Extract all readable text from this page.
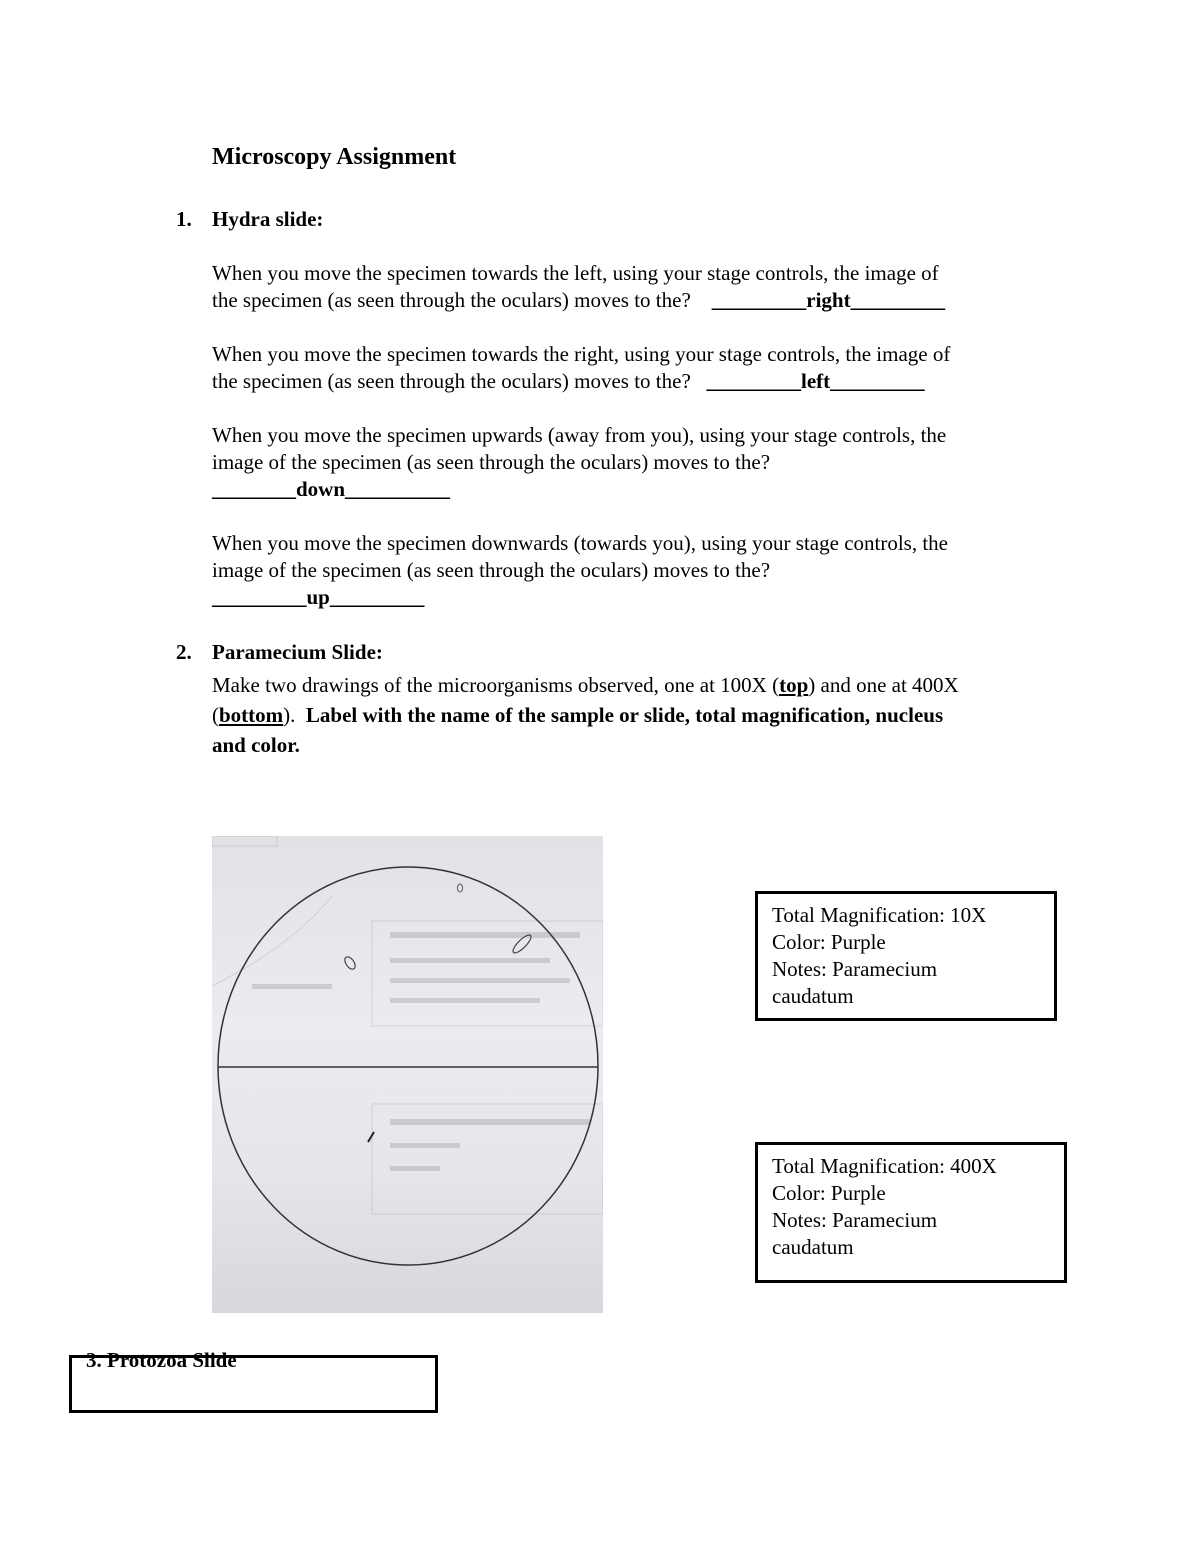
Microscopy Assignment
1. Hydra slide:
When you move the specimen towards the left, using your stage controls, the image of
the specimen (as seen through the oculars) moves to the? _________right_________
When you move the specimen towards the right, using your stage controls, the image of
the specimen (as seen through the oculars) moves to the? _________left_________
When you move the specimen upwards (away from you), using your stage controls, the
image of the specimen (as seen through the oculars) moves to the?
________down__________
When you move the specimen downwards (towards you), using your stage controls, the
image of the specimen (as seen through the oculars) moves to the?
_________up_________
2. Paramecium Slide:
Make two drawings of the microorganisms observed, one at 100X (top) and one at 400X
(bottom). Label with the name of the sample or slide, total magnification, nucleus
and color.
Total Magnification: 10X
Color: Purple
Notes: Paramecium
caudatum
Total Magnification: 400X
Color: Purple
Notes: Paramecium
caudatum
3. Protozoa Slide
